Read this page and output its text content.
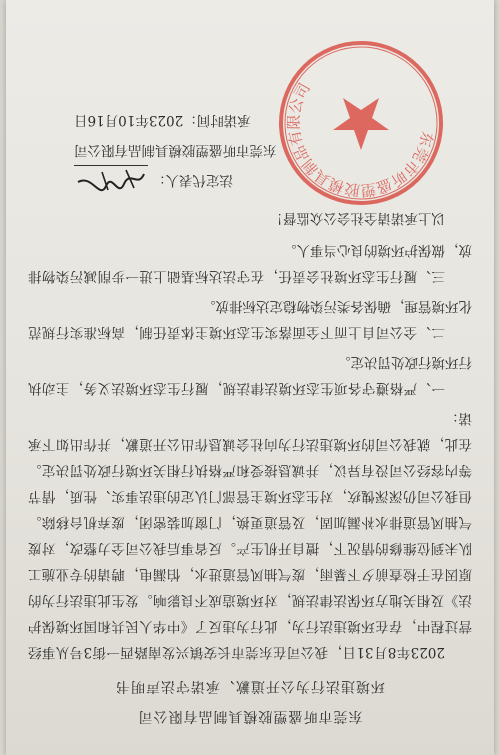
东莞市昕盛塑胶模具制品有限公司
环境违法行为公开道歉、承诺守法声明书

2023年8月31日，我公司在东莞市长安镇兴发南路西一街3号从事经营过程中，存在环境违法行为，此行为违反了《中华人民共和国环境保护法》及相关地方环保法律法规，对环境造成不良影响。发生此违法行为的原因在于检查前夕下暴雨，废气抽风管道进水，怕漏电，聘请的专业施工队未到位维修的情况下，擅自开机生产。反省事后我公司全力整改，对废气抽风管道排水补漏加固，及管道更换，门窗加装密闭，废弃机台移除。但我公司仍深深愧疚，对生态环境主管部门认定的违法事实、性质，情节等内容经公司没有异议，并诚恳接受和严格执行相关环境行政处罚决定。在此，就我公司的环境违法行为向社会诚恳作出公开道歉，并作出如下承诺：

一、严格遵守各项生态环境法律法规，履行生态环境法义务，主动执行环境行政处罚决定。

二、全公司自上而下全面落实生态环境主体责任制，高标准实行规范化环境管理，确保各类污染物稳定达标排放。

三、履行生态环境社会责任，在守法达标基础上进一步削减污染物排放，做保护环境的良心当事人。

以上承诺请全社会公众监督！

法定代表人：
东莞市昕盛塑胶模具制品有限公司
承诺时间：2023年10月16日
东莞市昕盛塑胶模具制品有限公司
